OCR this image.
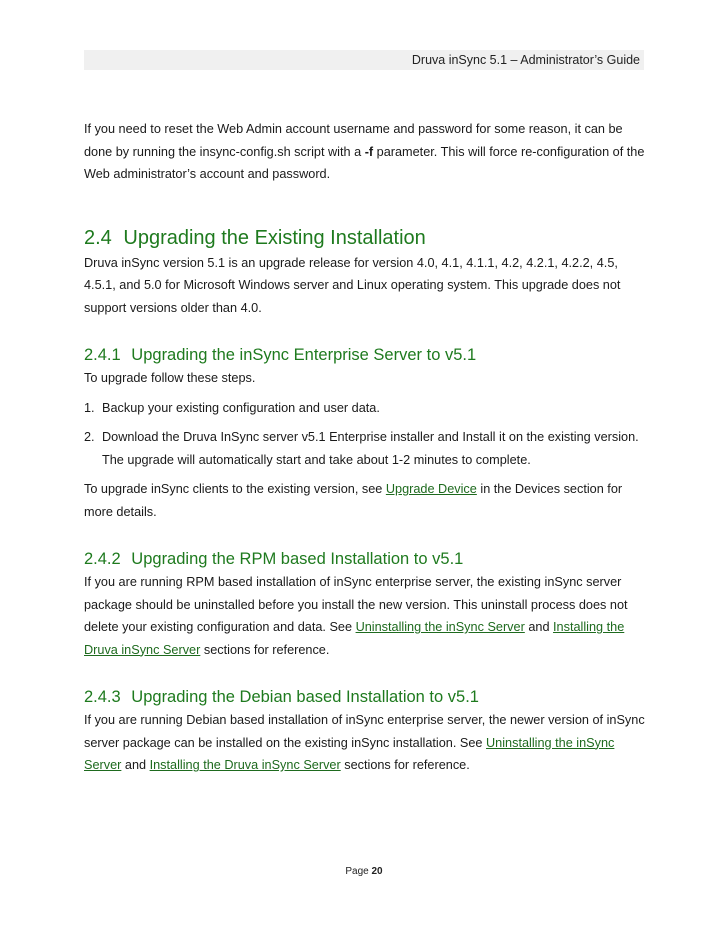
Druva inSync 5.1 – Administrator’s Guide

If you need to reset the Web Admin account username and password for some reason, it can be done by running the insync-config.sh script with a -f parameter. This will force re-configuration of the Web administrator’s account and password.

2.4 Upgrading the Existing Installation

Druva inSync version 5.1 is an upgrade release for version 4.0, 4.1, 4.1.1, 4.2, 4.2.1, 4.2.2, 4.5, 4.5.1, and 5.0 for Microsoft Windows server and Linux operating system. This upgrade does not support versions older than 4.0.

2.4.1 Upgrading the inSync Enterprise Server to v5.1

To upgrade follow these steps.

1. Backup your existing configuration and user data.
2. Download the Druva InSync server v5.1 Enterprise installer and Install it on the existing version. The upgrade will automatically start and take about 1-2 minutes to complete.

To upgrade inSync clients to the existing version, see Upgrade Device in the Devices section for more details.

2.4.2 Upgrading the RPM based Installation to v5.1

If you are running RPM based installation of inSync enterprise server, the existing inSync server package should be uninstalled before you install the new version. This uninstall process does not delete your existing configuration and data. See Uninstalling the inSync Server and Installing the Druva inSync Server sections for reference.

2.4.3 Upgrading the Debian based Installation to v5.1

If you are running Debian based installation of inSync enterprise server, the newer version of inSync server package can be installed on the existing inSync installation. See Uninstalling the inSync Server and Installing the Druva inSync Server sections for reference.

Page 20
